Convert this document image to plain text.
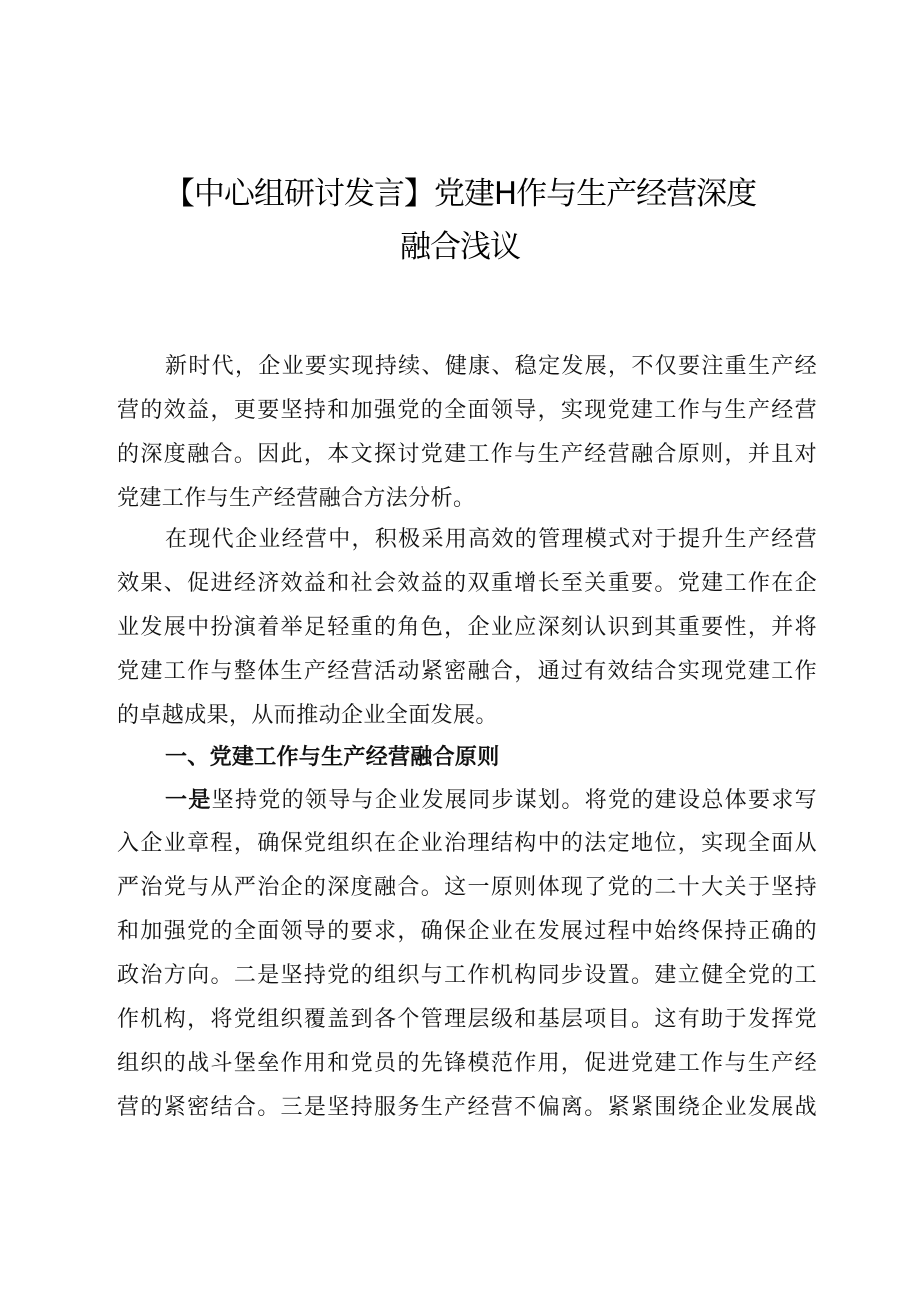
【中心组研讨发言】党建H作与生产经营深度
融合浅议
新时代，企业要实现持续、健康、稳定发展，不仅要注重生产经
营的效益，更要坚持和加强党的全面领导，实现党建工作与生产经营
的深度融合。因此，本文探讨党建工作与生产经营融合原则，并且对
党建工作与生产经营融合方法分析。
在现代企业经营中，积极采用高效的管理模式对于提升生产经营
效果、促进经济效益和社会效益的双重增长至关重要。党建工作在企
业发展中扮演着举足轻重的角色，企业应深刻认识到其重要性，并将
党建工作与整体生产经营活动紧密融合，通过有效结合实现党建工作
的卓越成果，从而推动企业全面发展。
一、党建工作与生产经营融合原则
一是坚持党的领导与企业发展同步谋划。将党的建设总体要求写
入企业章程，确保党组织在企业治理结构中的法定地位，实现全面从
严治党与从严治企的深度融合。这一原则体现了党的二十大关于坚持
和加强党的全面领导的要求，确保企业在发展过程中始终保持正确的
政治方向。二是坚持党的组织与工作机构同步设置。建立健全党的工
作机构，将党组织覆盖到各个管理层级和基层项目。这有助于发挥党
组织的战斗堡垒作用和党员的先锋模范作用，促进党建工作与生产经
营的紧密结合。三是坚持服务生产经营不偏离。紧紧围绕企业发展战
